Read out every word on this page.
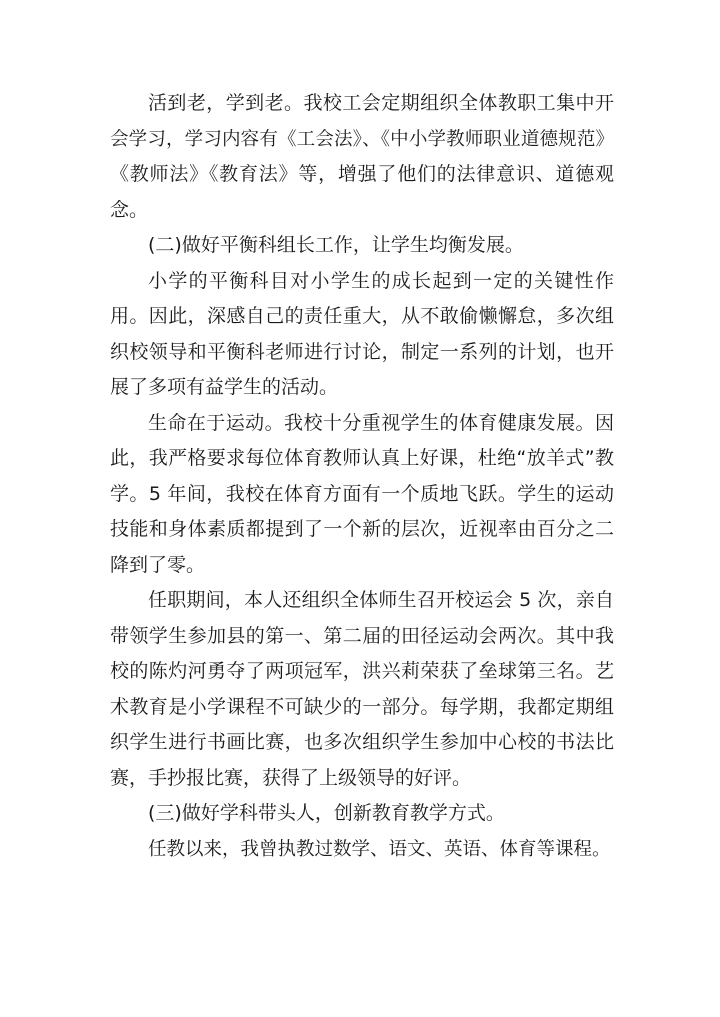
活到老，学到老。我校工会定期组织全体教职工集中开
会学习，学习内容有《工会法》、《中小学教师职业道德规范》
《教师法》《教育法》等，增强了他们的法律意识、道德观
念。
(二)做好平衡科组长工作，让学生均衡发展。
小学的平衡科目对小学生的成长起到一定的关键性作
用。因此，深感自己的责任重大，从不敢偷懒懈怠，多次组
织校领导和平衡科老师进行讨论，制定一系列的计划，也开
展了多项有益学生的活动。
生命在于运动。我校十分重视学生的体育健康发展。因
此，我严格要求每位体育教师认真上好课，杜绝“放羊式”教
学。5 年间，我校在体育方面有一个质地飞跃。学生的运动
技能和身体素质都提到了一个新的层次，近视率由百分之二
降到了零。
任职期间，本人还组织全体师生召开校运会 5 次，亲自
带领学生参加县的第一、第二届的田径运动会两次。其中我
校的陈灼河勇夺了两项冠军，洪兴莉荣获了垒球第三名。艺
术教育是小学课程不可缺少的一部分。每学期，我都定期组
织学生进行书画比赛，也多次组织学生参加中心校的书法比
赛，手抄报比赛，获得了上级领导的好评。
(三)做好学科带头人，创新教育教学方式。
任教以来，我曾执教过数学、语文、英语、体育等课程。
